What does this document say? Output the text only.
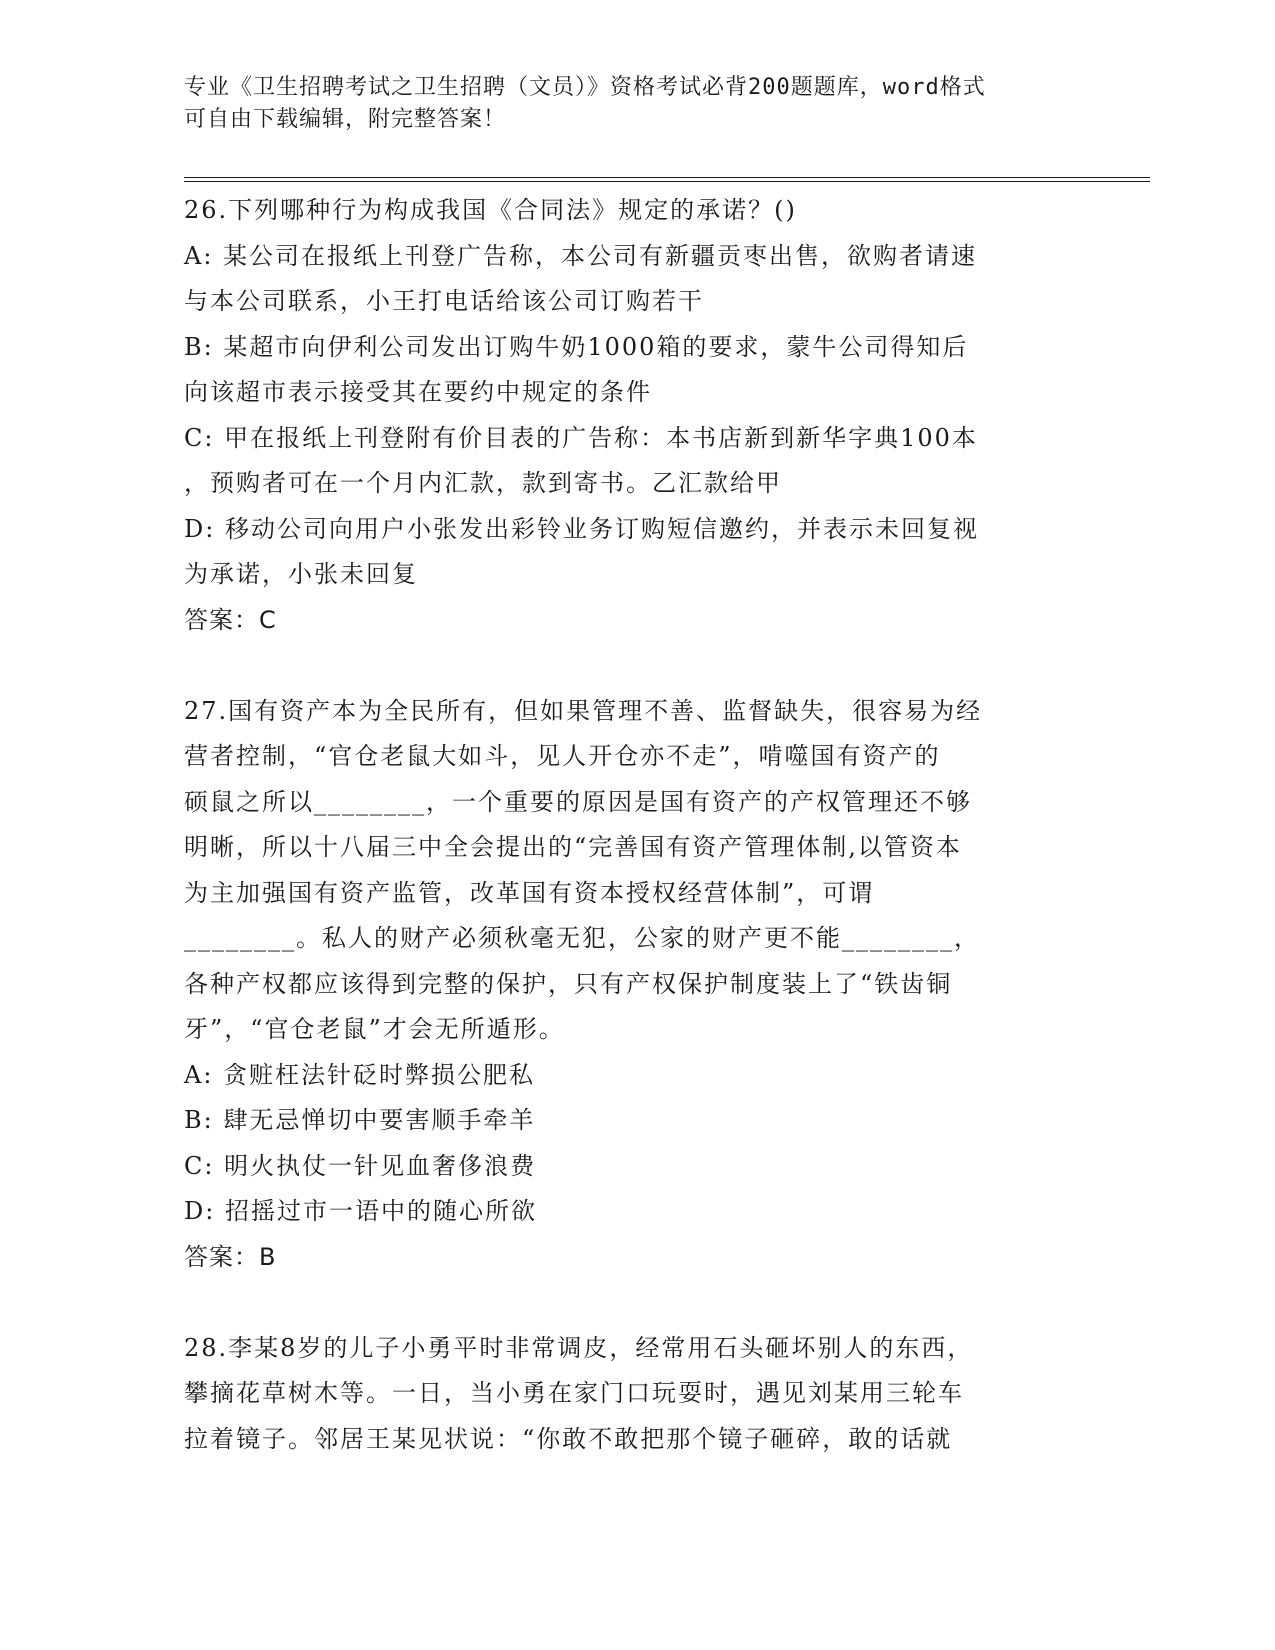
专业《卫生招聘考试之卫生招聘（文员）》资格考试必背200题题库，word格式
可自由下载编辑，附完整答案！
26.下列哪种行为构成我国《合同法》规定的承诺？()
A: 某公司在报纸上刊登广告称，本公司有新疆贡枣出售，欲购者请速
与本公司联系，小王打电话给该公司订购若干
B: 某超市向伊利公司发出订购牛奶1000箱的要求，蒙牛公司得知后
向该超市表示接受其在要约中规定的条件
C: 甲在报纸上刊登附有价目表的广告称：本书店新到新华字典100本
，预购者可在一个月内汇款，款到寄书。乙汇款给甲
D: 移动公司向用户小张发出彩铃业务订购短信邀约，并表示未回复视
为承诺，小张未回复
答案：C
27.国有资产本为全民所有，但如果管理不善、监督缺失，很容易为经
营者控制，“官仓老鼠大如斗，见人开仓亦不走”，啃噬国有资产的
硕鼠之所以________，一个重要的原因是国有资产的产权管理还不够
明晰，所以十八届三中全会提出的“完善国有资产管理体制,以管资本
为主加强国有资产监管，改革国有资本授权经营体制”，可谓
________。私人的财产必须秋毫无犯，公家的财产更不能________，
各种产权都应该得到完整的保护，只有产权保护制度装上了“铁齿铜
牙”，“官仓老鼠”才会无所遁形。
A: 贪赃枉法针砭时弊损公肥私
B: 肆无忌惮切中要害顺手牵羊
C: 明火执仗一针见血奢侈浪费
D: 招摇过市一语中的随心所欲
答案：B
28.李某8岁的儿子小勇平时非常调皮，经常用石头砸坏别人的东西，
攀摘花草树木等。一日，当小勇在家门口玩耍时，遇见刘某用三轮车
拉着镜子。邻居王某见状说：“你敢不敢把那个镜子砸碎，敢的话就
